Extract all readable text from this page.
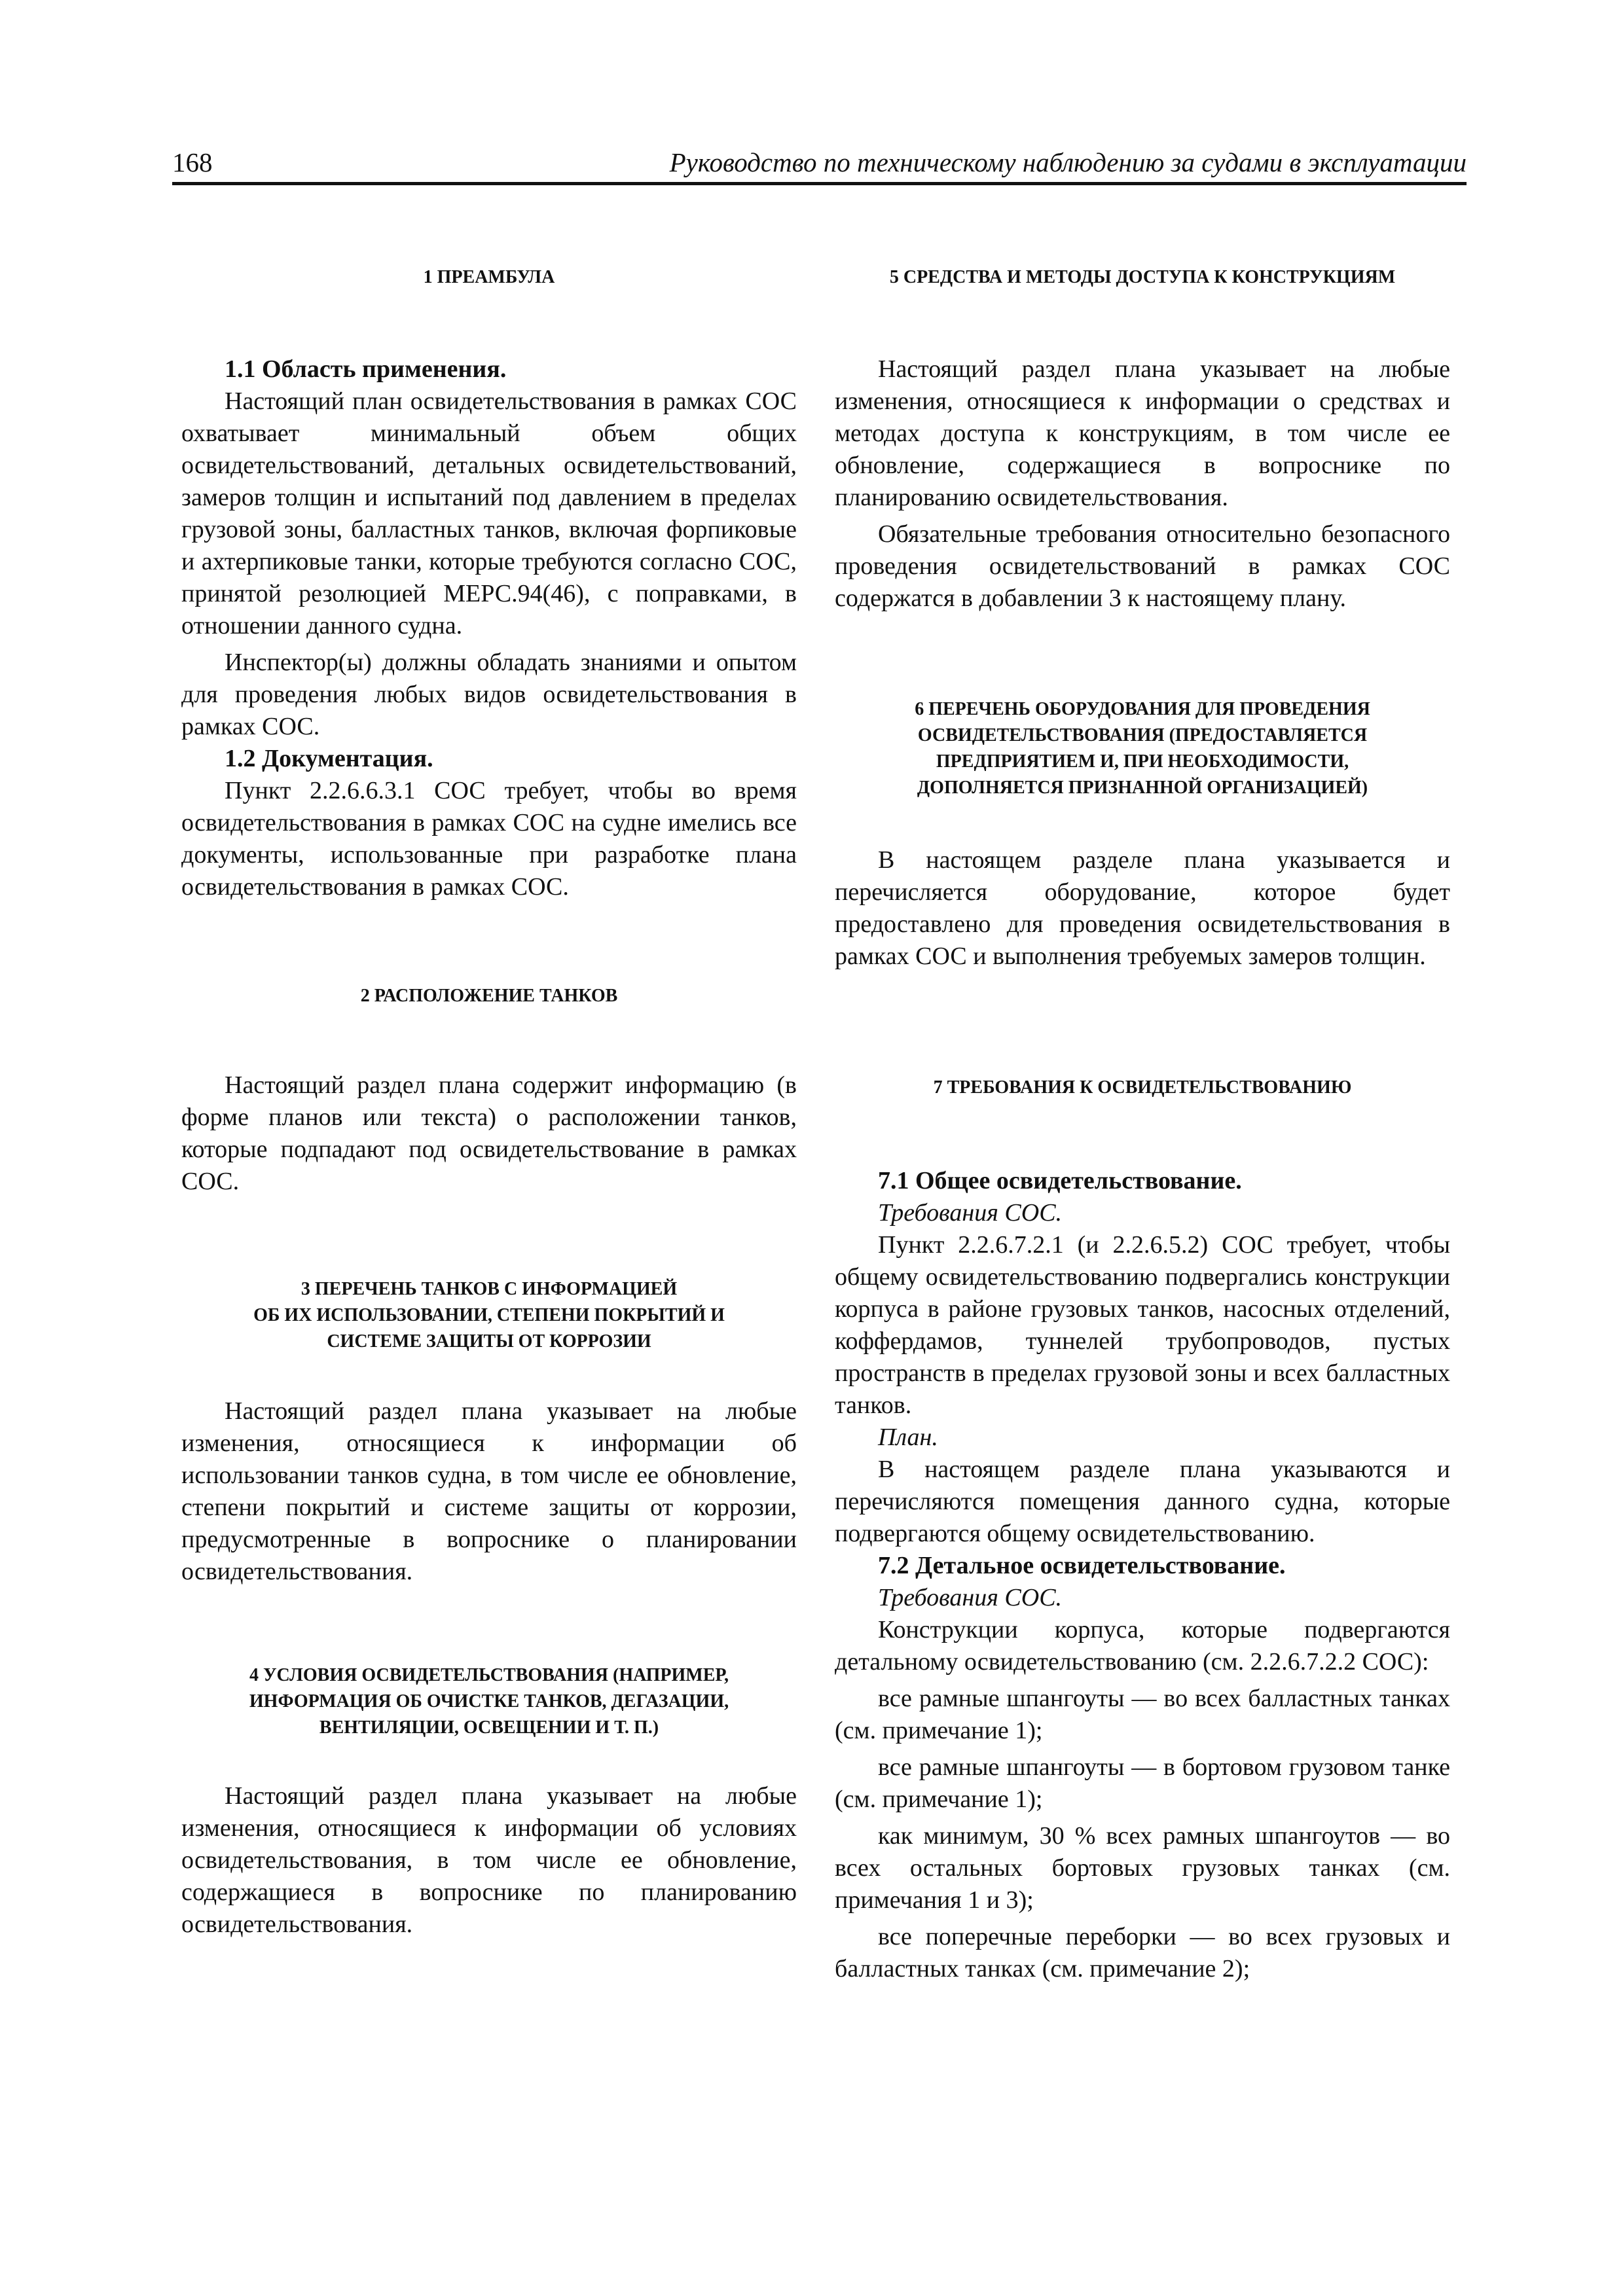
168	Руководство по техническому наблюдению за судами в эксплуатации
1 ПРЕАМБУЛА
1.1 Область применения.

Настоящий план освидетельствования в рамках СОС охватывает минимальный объем общих освидетельствований, детальных освидетельствований, замеров толщин и испытаний под давлением в пределах грузовой зоны, балластных танков, включая форпиковые и ахтерпиковые танки, которые требуются согласно СОС, принятой резолюцией МЕРС.94(46), с поправками, в отношении данного судна.

Инспектор(ы) должны обладать знаниями и опытом для проведения любых видов освидетельствования в рамках СОС.

1.2 Документация.

Пункт 2.2.6.6.3.1 СОС требует, чтобы во время освидетельствования в рамках СОС на судне имелись все документы, использованные при разработке плана освидетельствования в рамках СОС.

2 РАСПОЛОЖЕНИЕ ТАНКОВ

Настоящий раздел плана содержит информацию (в форме планов или текста) о расположении танков, которые подпадают под освидетельствование в рамках СОС.

3 ПЕРЕЧЕНЬ ТАНКОВ С ИНФОРМАЦИЕЙ
ОБ ИХ ИСПОЛЬЗОВАНИИ, СТЕПЕНИ ПОКРЫТИЙ И
СИСТЕМЕ ЗАЩИТЫ ОТ КОРРОЗИИ

Настоящий раздел плана указывает на любые изменения, относящиеся к информации об использовании танков судна, в том числе ее обновление, степени покрытий и системе защиты от коррозии, предусмотренные в вопроснике о планировании освидетельствования.

4 УСЛОВИЯ ОСВИДЕТЕЛЬСТВОВАНИЯ (НАПРИМЕР,
ИНФОРМАЦИЯ ОБ ОЧИСТКЕ ТАНКОВ, ДЕГАЗАЦИИ,
ВЕНТИЛЯЦИИ, ОСВЕЩЕНИИ И Т. П.)

Настоящий раздел плана указывает на любые изменения, относящиеся к информации об условиях освидетельствования, в том числе ее обновление, содержащиеся в вопроснике по планированию освидетельствования.

5 СРЕДСТВА И МЕТОДЫ ДОСТУПА К КОНСТРУКЦИЯМ

Настоящий раздел плана указывает на любые изменения, относящиеся к информации о средствах и методах доступа к конструкциям, в том числе ее обновление, содержащиеся в вопроснике по планированию освидетельствования.

Обязательные требования относительно безопасного проведения освидетельствований в рамках СОС содержатся в добавлении 3 к настоящему плану.

6 ПЕРЕЧЕНЬ ОБОРУДОВАНИЯ ДЛЯ ПРОВЕДЕНИЯ
ОСВИДЕТЕЛЬСТВОВАНИЯ (ПРЕДОСТАВЛЯЕТСЯ
ПРЕДПРИЯТИЕМ И, ПРИ НЕОБХОДИМОСТИ,
ДОПОЛНЯЕТСЯ ПРИЗНАННОЙ ОРГАНИЗАЦИЕЙ)

В настоящем разделе плана указывается и перечисляется оборудование, которое будет предоставлено для проведения освидетельствования в рамках СОС и выполнения требуемых замеров толщин.

7 ТРЕБОВАНИЯ К ОСВИДЕТЕЛЬСТВОВАНИЮ
7.1 Общее освидетельствование.
Требования СОС.

Пункт 2.2.6.7.2.1 (и 2.2.6.5.2) СОС требует, чтобы общему освидетельствованию подвергались конструкции корпуса в районе грузовых танков, насосных отделений, коффердамов, туннелей трубопроводов, пустых пространств в пределах грузовой зоны и всех балластных танков.

План.

В настоящем разделе плана указываются и перечисляются помещения данного судна, которые подвергаются общему освидетельствованию.

7.2 Детальное освидетельствование.
Требования СОС.

Конструкции корпуса, которые подвергаются детальному освидетельствованию (см. 2.2.6.7.2.2 СОС):

все рамные шпангоуты — во всех балластных танках (см. примечание 1);

все рамные шпангоуты — в бортовом грузовом танке (см. примечание 1);

как минимум, 30 % всех рамных шпангоутов — во всех остальных бортовых грузовых танках (см. примечания 1 и 3);

все поперечные переборки — во всех грузовых и балластных танках (см. примечание 2);
